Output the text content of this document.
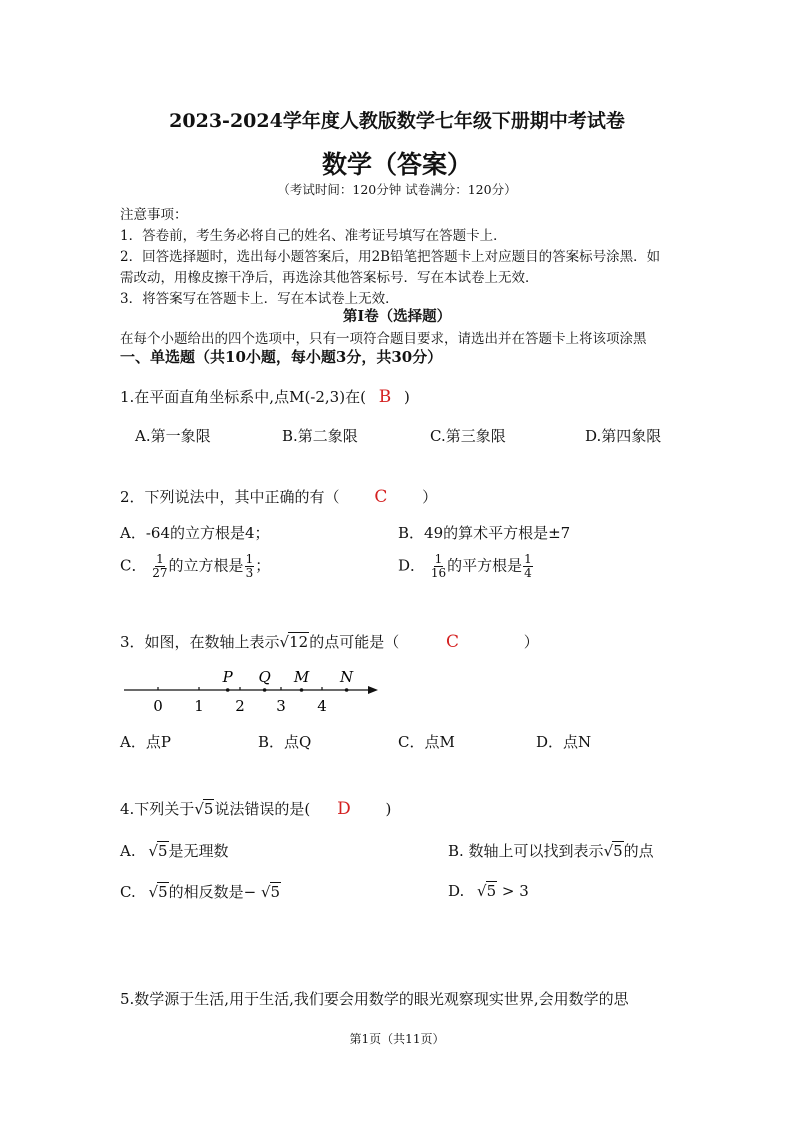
2023-2024学年度人教版数学七年级下册期中考试卷
数学（答案）
（考试时间：120分钟 试卷满分：120分）
注意事项：
1．答卷前，考生务必将自己的姓名、准考证号填写在答题卡上．
2．回答选择题时，选出每小题答案后，用2B铅笔把答题卡上对应题目的答案标号涂黑．如
需改动，用橡皮擦干净后，再选涂其他答案标号．写在本试卷上无效．
3．将答案写在答题卡上．写在本试卷上无效．
第Ⅰ卷（选择题）
在每个小题给出的四个选项中，只有一项符合题目要求，请选出并在答题卡上将该项涂黑
一、单选题（共10小题，每小题3分，共30分）
1.在平面直角坐标系中,点M(-2,3)在( B )
A.第一象限	B.第二象限	C.第三象限	D.第四象限
2．下列说法中，其中正确的有（ C ）
A．-64的立方根是4；	B．49的算术平方根是±7
C． $\frac{1}{27}$ 的立方根是 $\frac{1}{3}$ ；	D． $\frac{1}{16}$ 的平方根是 $\frac{1}{4}$
3．如图，在数轴上表示√12的点可能是（	C	）
0 1 2 3 4
P Q M N
A．点P	B．点Q	C．点M	D．点N
4.下列关于√5说法错误的是( D )
A. √5是无理数	B. 数轴上可以找到表示√5的点
C. √5的相反数是− √5	D. √5 > 3
5.数学源于生活,用于生活,我们要会用数学的眼光观察现实世界,会用数学的思
第1页（共11页）
